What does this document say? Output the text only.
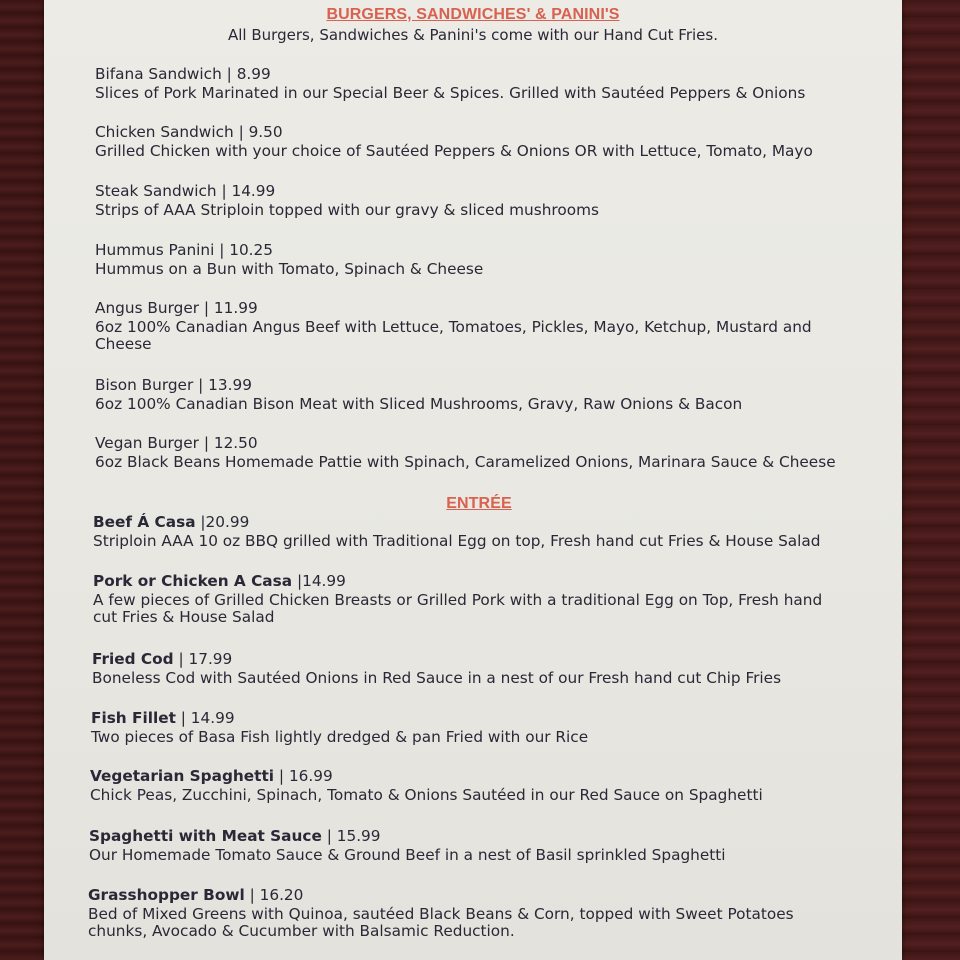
BURGERS, SANDWICHES' & PANINI'S
All Burgers, Sandwiches & Panini's come with our Hand Cut Fries.
Bifana Sandwich | 8.99
Slices of Pork Marinated in our Special Beer & Spices. Grilled with Sautéed Peppers & Onions
Chicken Sandwich | 9.50
Grilled Chicken with your choice of Sautéed Peppers & Onions OR with Lettuce, Tomato, Mayo
Steak Sandwich | 14.99
Strips of AAA Striploin topped with our gravy & sliced mushrooms
Hummus Panini | 10.25
Hummus on a Bun with Tomato, Spinach & Cheese
Angus Burger | 11.99
6oz 100% Canadian Angus Beef with Lettuce, Tomatoes, Pickles, Mayo, Ketchup, Mustard and Cheese
Bison Burger | 13.99
6oz 100% Canadian Bison Meat with Sliced Mushrooms, Gravy, Raw Onions & Bacon
Vegan Burger | 12.50
6oz Black Beans Homemade Pattie with Spinach, Caramelized Onions, Marinara Sauce & Cheese
ENTRÉE
Beef Á Casa |20.99
Striploin AAA 10 oz BBQ grilled with Traditional Egg on top, Fresh hand cut Fries & House Salad
Pork or Chicken A Casa |14.99
A few pieces of Grilled Chicken Breasts or Grilled Pork with a traditional Egg on Top, Fresh hand cut Fries & House Salad
Fried Cod | 17.99
Boneless Cod with Sautéed Onions in Red Sauce in a nest of our Fresh hand cut Chip Fries
Fish Fillet | 14.99
Two pieces of Basa Fish lightly dredged & pan Fried with our Rice
Vegetarian Spaghetti | 16.99
Chick Peas, Zucchini, Spinach, Tomato & Onions Sautéed in our Red Sauce on Spaghetti
Spaghetti with Meat Sauce | 15.99
Our Homemade Tomato Sauce & Ground Beef in a nest of Basil sprinkled Spaghetti
Grasshopper Bowl | 16.20
Bed of Mixed Greens with Quinoa, sautéed Black Beans & Corn, topped with Sweet Potatoes chunks, Avocado & Cucumber with Balsamic Reduction.
